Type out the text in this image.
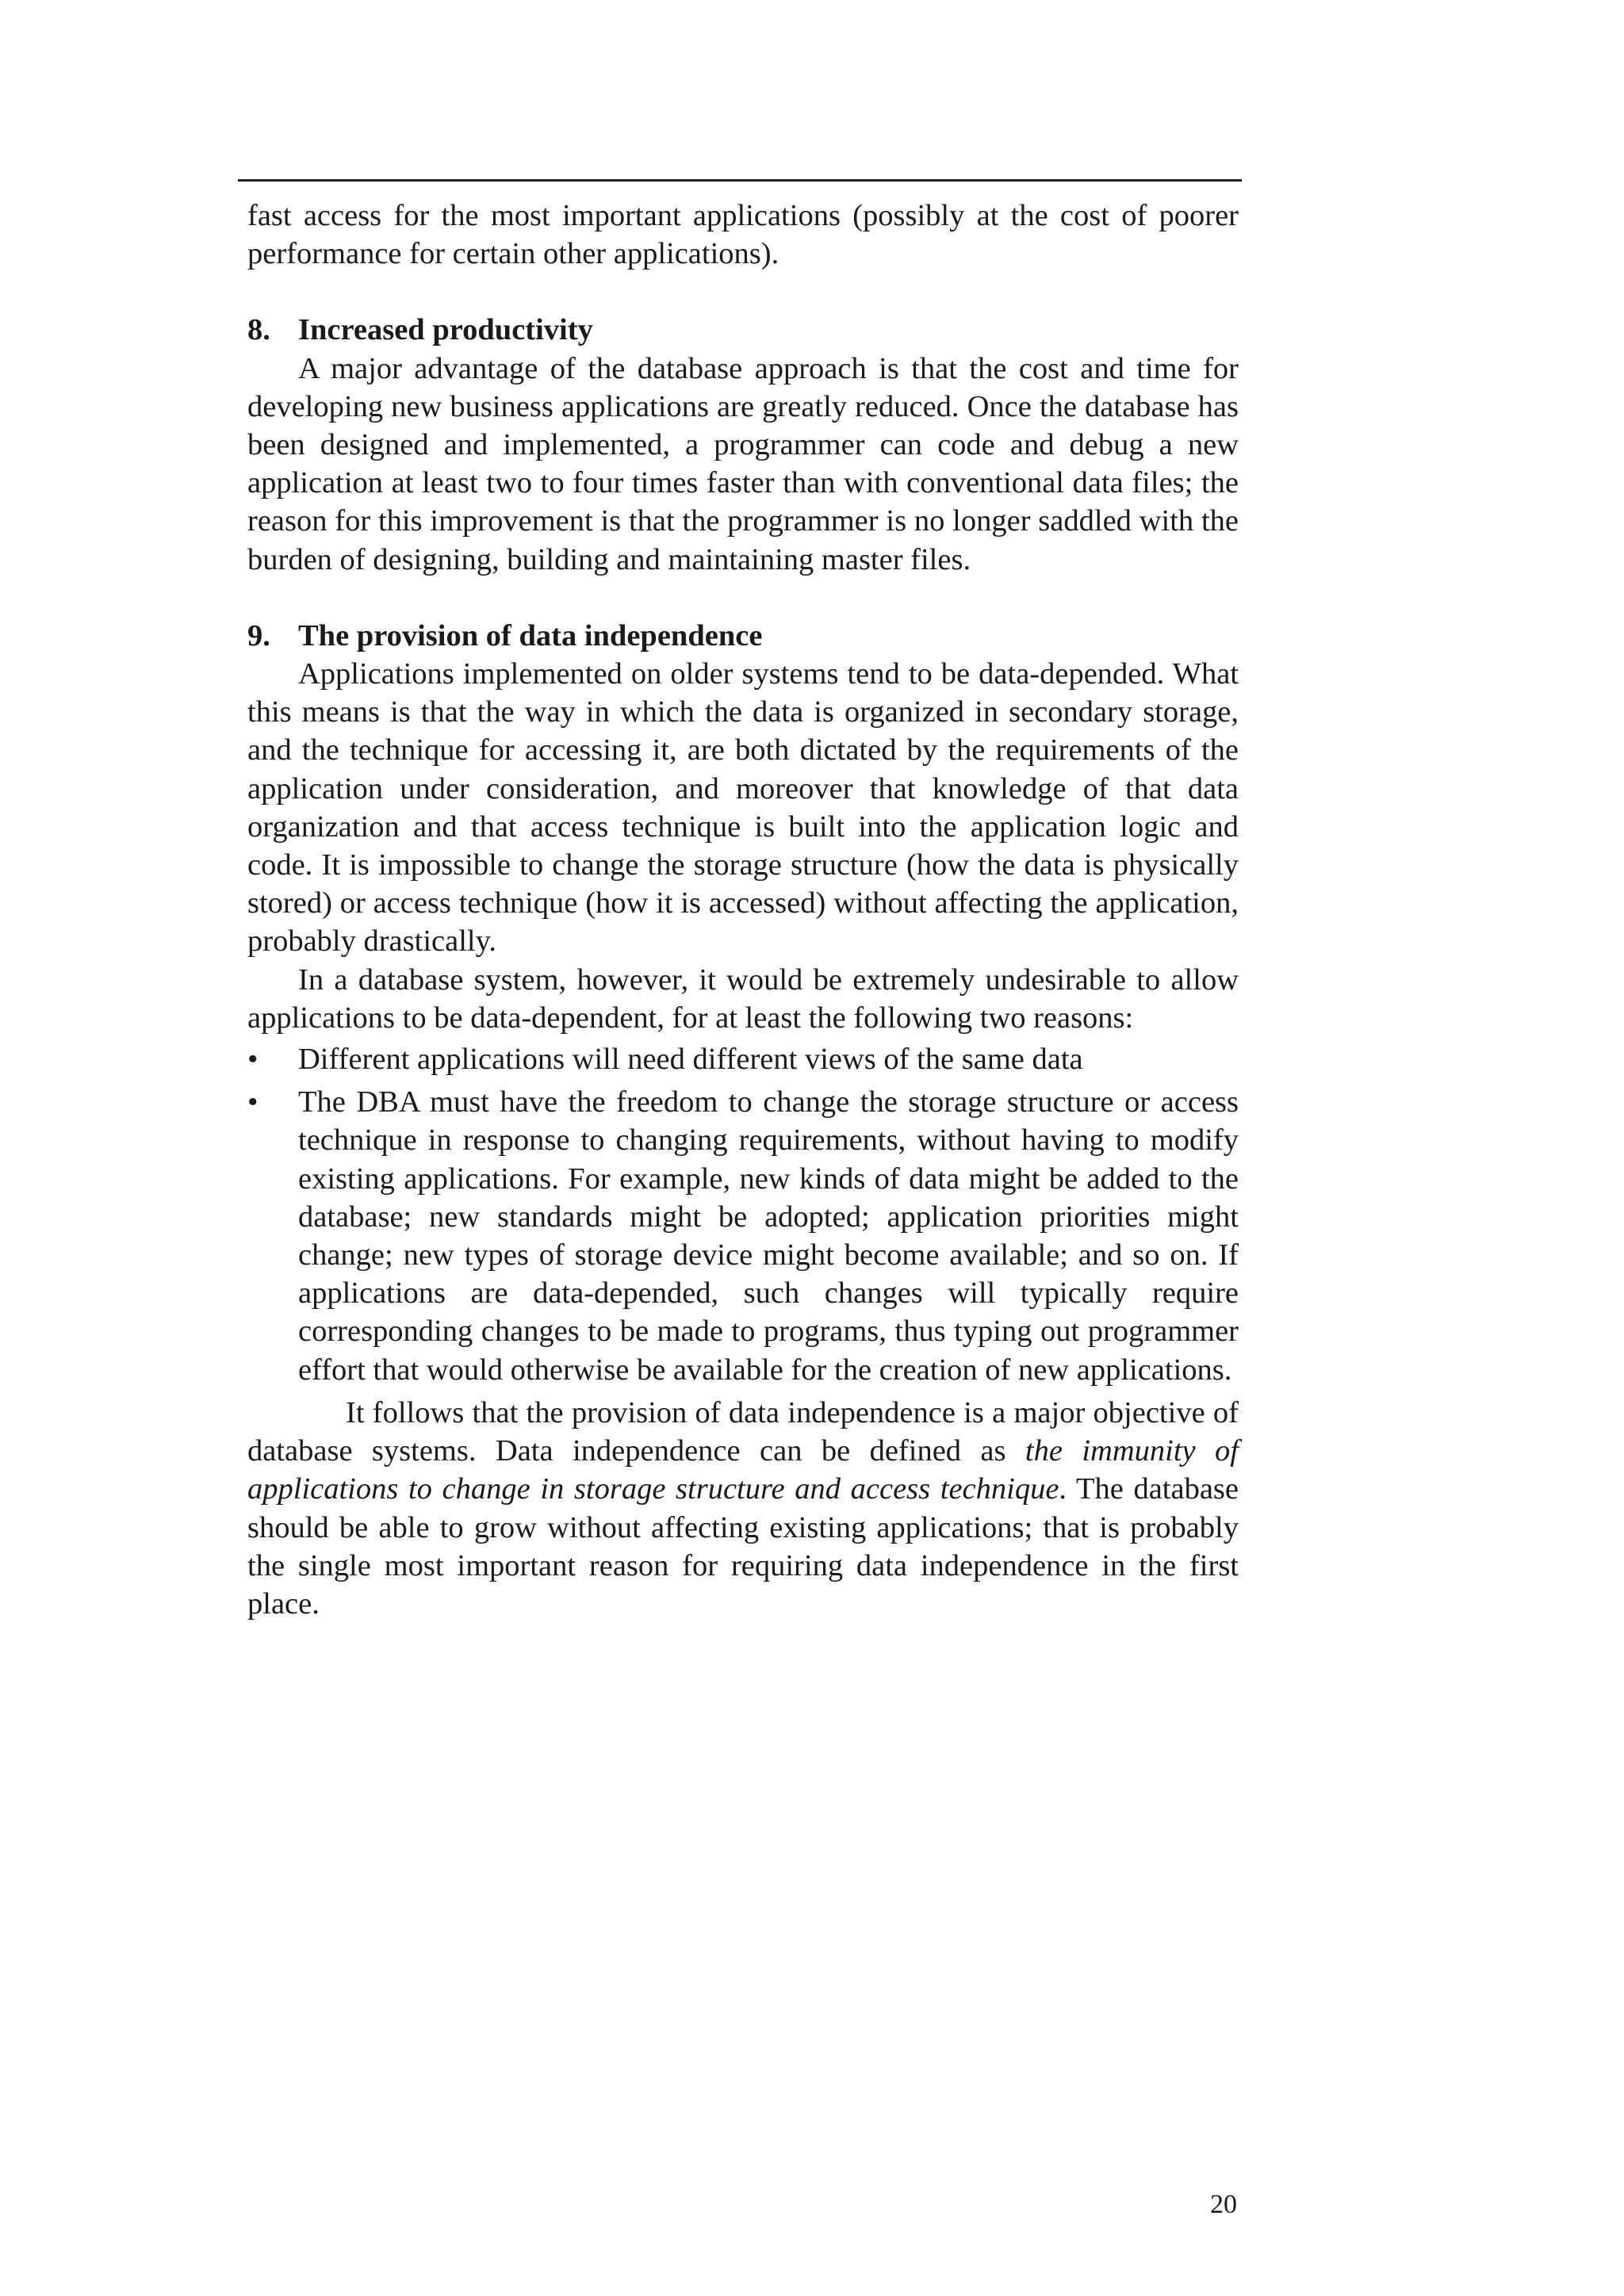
fast access for the most important applications (possibly at the cost of poorer performance for certain other applications).

8. Increased productivity

A major advantage of the database approach is that the cost and time for developing new business applications are greatly reduced. Once the database has been designed and implemented, a programmer can code and debug a new application at least two to four times faster than with conventional data files; the reason for this improvement is that the programmer is no longer saddled with the burden of designing, building and maintaining master files.

9. The provision of data independence

Applications implemented on older systems tend to be data-depended. What this means is that the way in which the data is organized in secondary storage, and the technique for accessing it, are both dictated by the requirements of the application under consideration, and moreover that knowledge of that data organization and that access technique is built into the application logic and code. It is impossible to change the storage structure (how the data is physically stored) or access technique (how it is accessed) without affecting the application, probably drastically.

In a database system, however, it would be extremely undesirable to allow applications to be data-dependent, for at least the following two reasons:

• Different applications will need different views of the same data
• The DBA must have the freedom to change the storage structure or access technique in response to changing requirements, without having to modify existing applications. For example, new kinds of data might be added to the database; new standards might be adopted; application priorities might change; new types of storage device might become available; and so on. If applications are data-depended, such changes will typically require corresponding changes to be made to programs, thus typing out programmer effort that would otherwise be available for the creation of new applications.

It follows that the provision of data independence is a major objective of database systems. Data independence can be defined as the immunity of applications to change in storage structure and access technique. The database should be able to grow without affecting existing applications; that is probably the single most important reason for requiring data independence in the first place.

20
